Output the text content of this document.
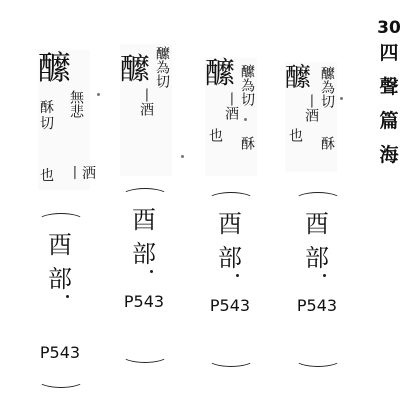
30
四
聲
篇
海
醿
酥 無悲
切
也 丨洒
醿 醿為切
丨酒
醿 醿為切
丨酒
也
酥
醿 醿為切
丨酒
也
酥
酉
部
P543
酉
部
P543
酉
部
P543
酉
部
P543
